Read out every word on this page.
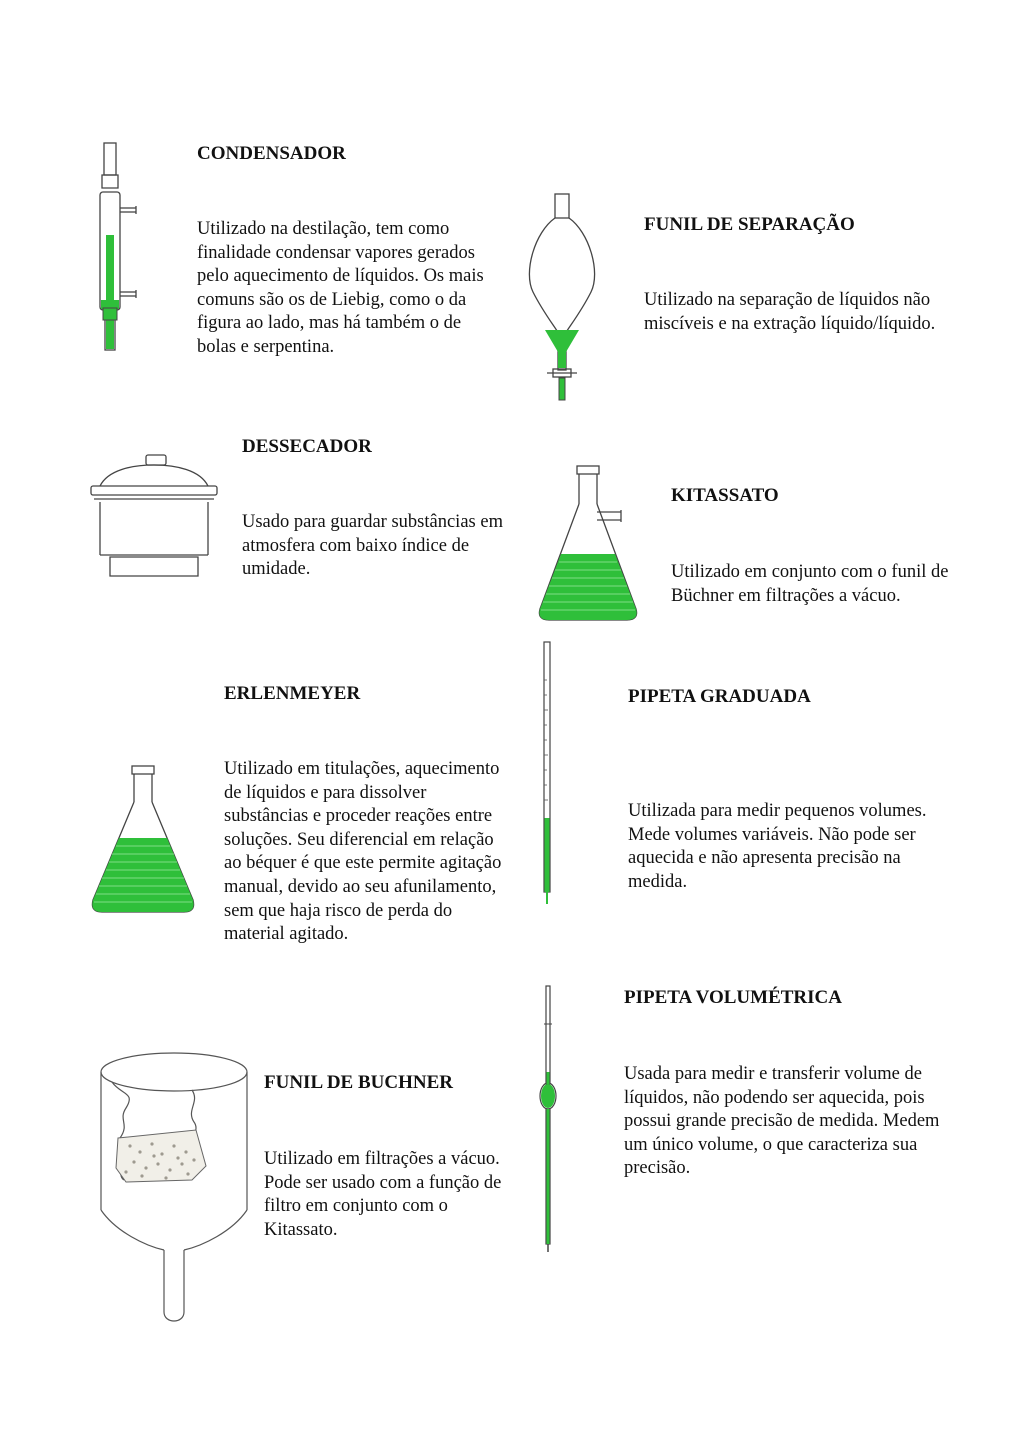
CONDENSADOR
Utilizado na destilação, tem como finalidade condensar vapores gerados pelo aquecimento de líquidos. Os mais comuns são os de Liebig, como o da figura ao lado, mas há também o de bolas e serpentina.
FUNIL DE SEPARAÇÃO
Utilizado na separação de líquidos não miscíveis e na extração líquido/líquido.
DESSECADOR
Usado para guardar substâncias em atmosfera com baixo índice de umidade.
KITASSATO
Utilizado em conjunto com o funil de Büchner em filtrações a vácuo.
ERLENMEYER
Utilizado em titulações, aquecimento de líquidos e para dissolver substâncias e proceder reações entre soluções. Seu diferencial em relação ao béquer é que este permite agitação manual, devido ao seu afunilamento, sem que haja risco de perda do material agitado.
PIPETA GRADUADA
Utilizada para medir pequenos volumes. Mede volumes variáveis. Não pode ser aquecida e não apresenta precisão na medida.
PIPETA VOLUMÉTRICA
Usada para medir e transferir volume de líquidos, não podendo ser aquecida, pois possui grande precisão de medida. Medem um único volume, o que caracteriza sua precisão.
FUNIL DE BUCHNER
Utilizado em filtrações a vácuo. Pode ser usado com a função de filtro em conjunto com o Kitassato.
